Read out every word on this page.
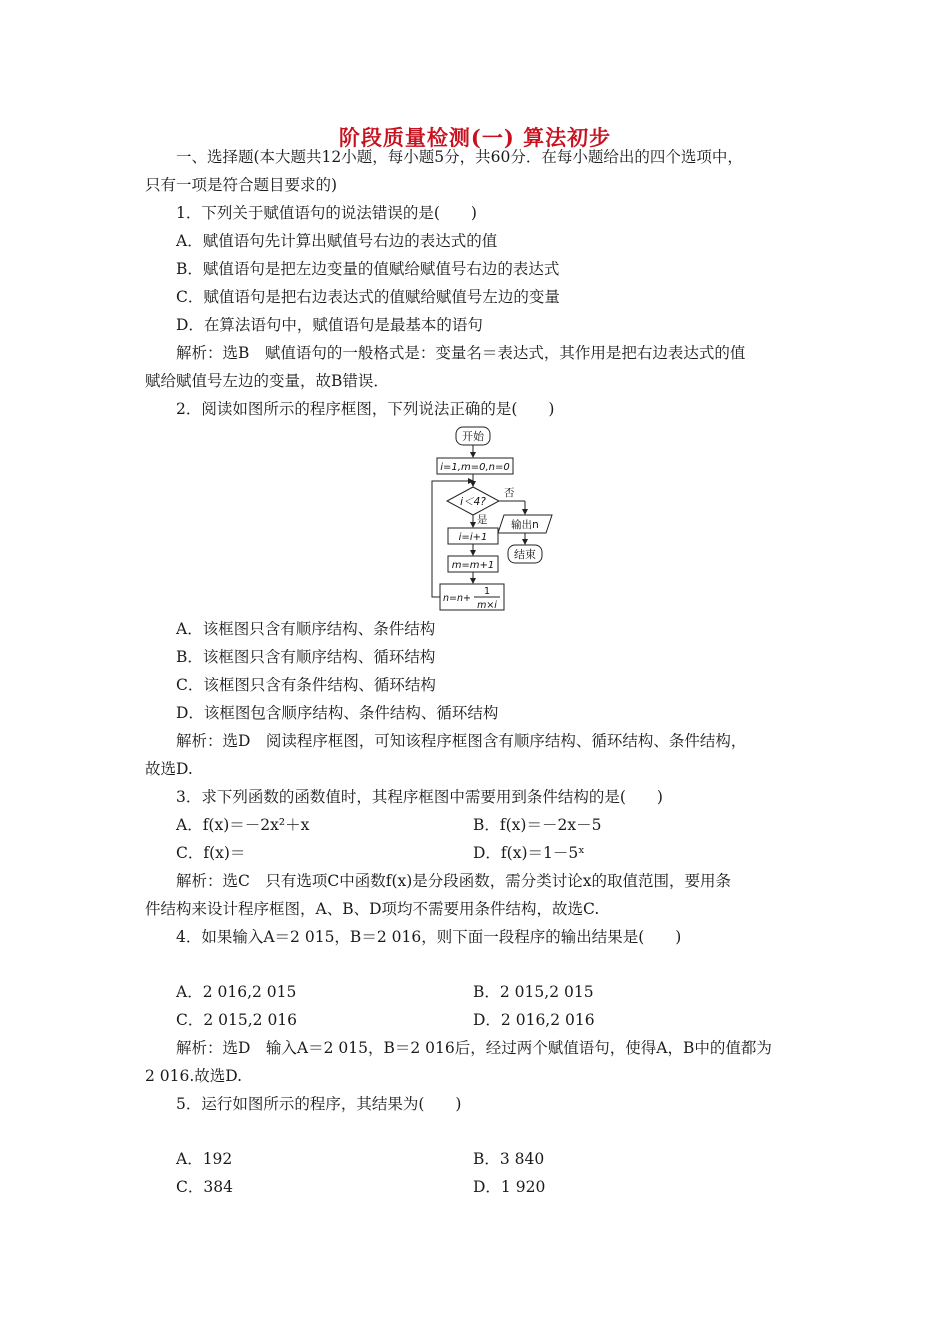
阶段质量检测(一) 算法初步
一、选择题(本大题共12小题，每小题5分，共60分．在每小题给出的四个选项中，
只有一项是符合题目要求的)
1．下列关于赋值语句的说法错误的是(　　)
A．赋值语句先计算出赋值号右边的表达式的值
B．赋值语句是把左边变量的值赋给赋值号右边的表达式
C．赋值语句是把右边表达式的值赋给赋值号左边的变量
D．在算法语句中，赋值语句是最基本的语句
解析：选B　赋值语句的一般格式是：变量名＝表达式，其作用是把右边表达式的值
赋给赋值号左边的变量，故B错误．
2．阅读如图所示的程序框图，下列说法正确的是(　　)
开始
i=1,m=0,n=0
i＜4?
否
是 输出n
结束
i=i+1
m=m+1
n=n+
1
m×i
A．该框图只含有顺序结构、条件结构
B．该框图只含有顺序结构、循环结构
C．该框图只含有条件结构、循环结构
D．该框图包含顺序结构、条件结构、循环结构
解析：选D　阅读程序框图，可知该程序框图含有顺序结构、循环结构、条件结构，
故选D.
3．求下列函数的函数值时，其程序框图中需要用到条件结构的是(　　)
A．f(x)＝－2x²＋x	B．f(x)＝－2x－5
C．f(x)＝	D．f(x)＝1－5ˣ
解析：选C　只有选项C中函数f(x)是分段函数，需分类讨论x的取值范围，要用条
件结构来设计程序框图，A、B、D项均不需要用条件结构，故选C.
4．如果输入A＝2 015，B＝2 016，则下面一段程序的输出结果是(　　)
A．2 016,2 015	B．2 015,2 015
C．2 015,2 016	D．2 016,2 016
解析：选D　输入A＝2 015，B＝2 016后，经过两个赋值语句，使得A，B中的值都为
2 016.故选D.
5．运行如图所示的程序，其结果为(　　)
A．192	B．3 840
C．384	D．1 920
